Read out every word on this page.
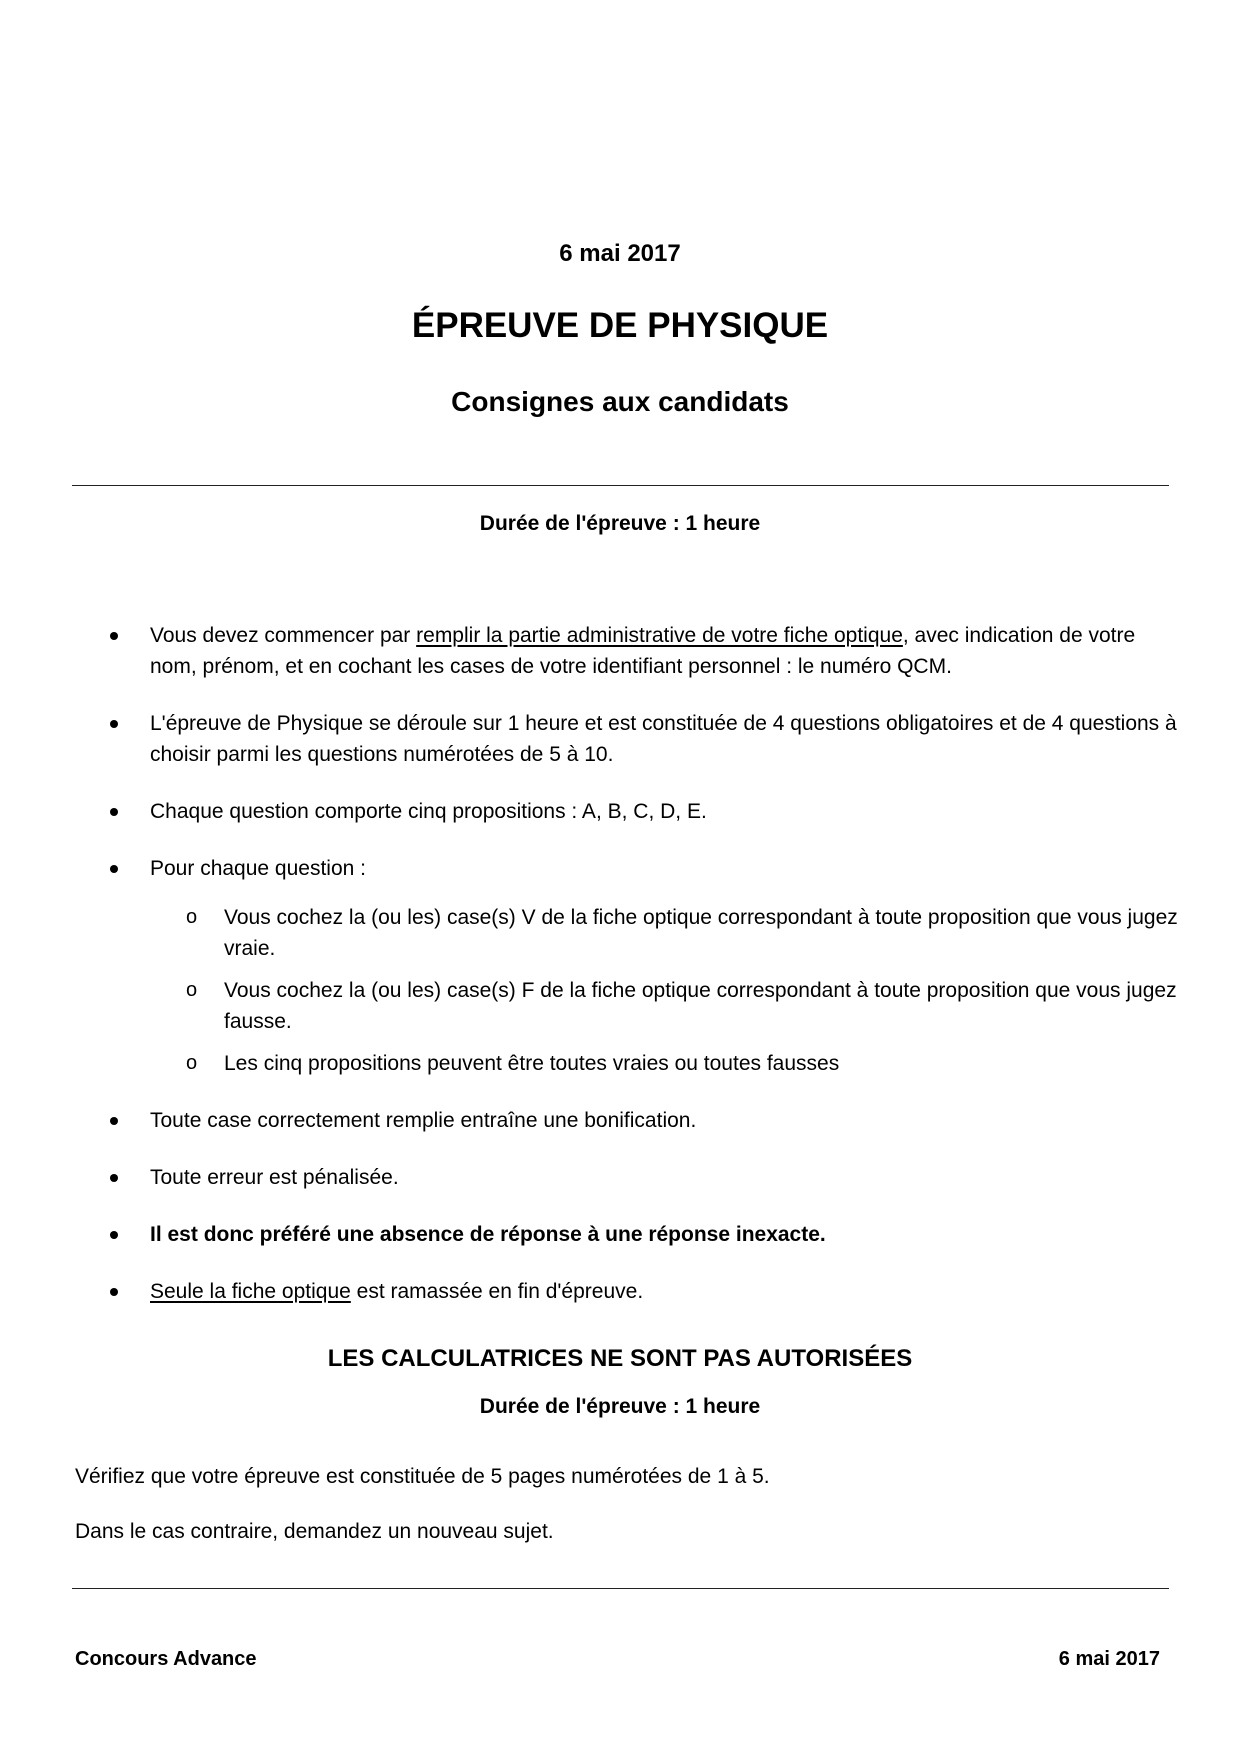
6 mai 2017
ÉPREUVE DE PHYSIQUE
Consignes aux candidats
Durée de l'épreuve : 1 heure
Vous devez commencer par remplir la partie administrative de votre fiche optique, avec indication de votre nom, prénom, et en cochant les cases de votre identifiant personnel : le numéro QCM.
L'épreuve de Physique se déroule sur 1 heure et est constituée de 4 questions obligatoires et de 4 questions à choisir parmi les questions numérotées de 5 à 10.
Chaque question comporte cinq propositions : A, B, C, D, E.
Pour chaque question :
o Vous cochez la (ou les) case(s) V de la fiche optique correspondant à toute proposition que vous jugez vraie.
o Vous cochez la (ou les) case(s) F de la fiche optique correspondant à toute proposition que vous jugez fausse.
o Les cinq propositions peuvent être toutes vraies ou toutes fausses
Toute case correctement remplie entraîne une bonification.
Toute erreur est pénalisée.
Il est donc préféré une absence de réponse à une réponse inexacte.
Seule la fiche optique est ramassée en fin d'épreuve.
LES CALCULATRICES NE SONT PAS AUTORISÉES
Durée de l'épreuve : 1 heure
Vérifiez que votre épreuve est constituée de 5 pages numérotées de 1 à 5.
Dans le cas contraire, demandez un nouveau sujet.
Concours Advance	6 mai 2017
